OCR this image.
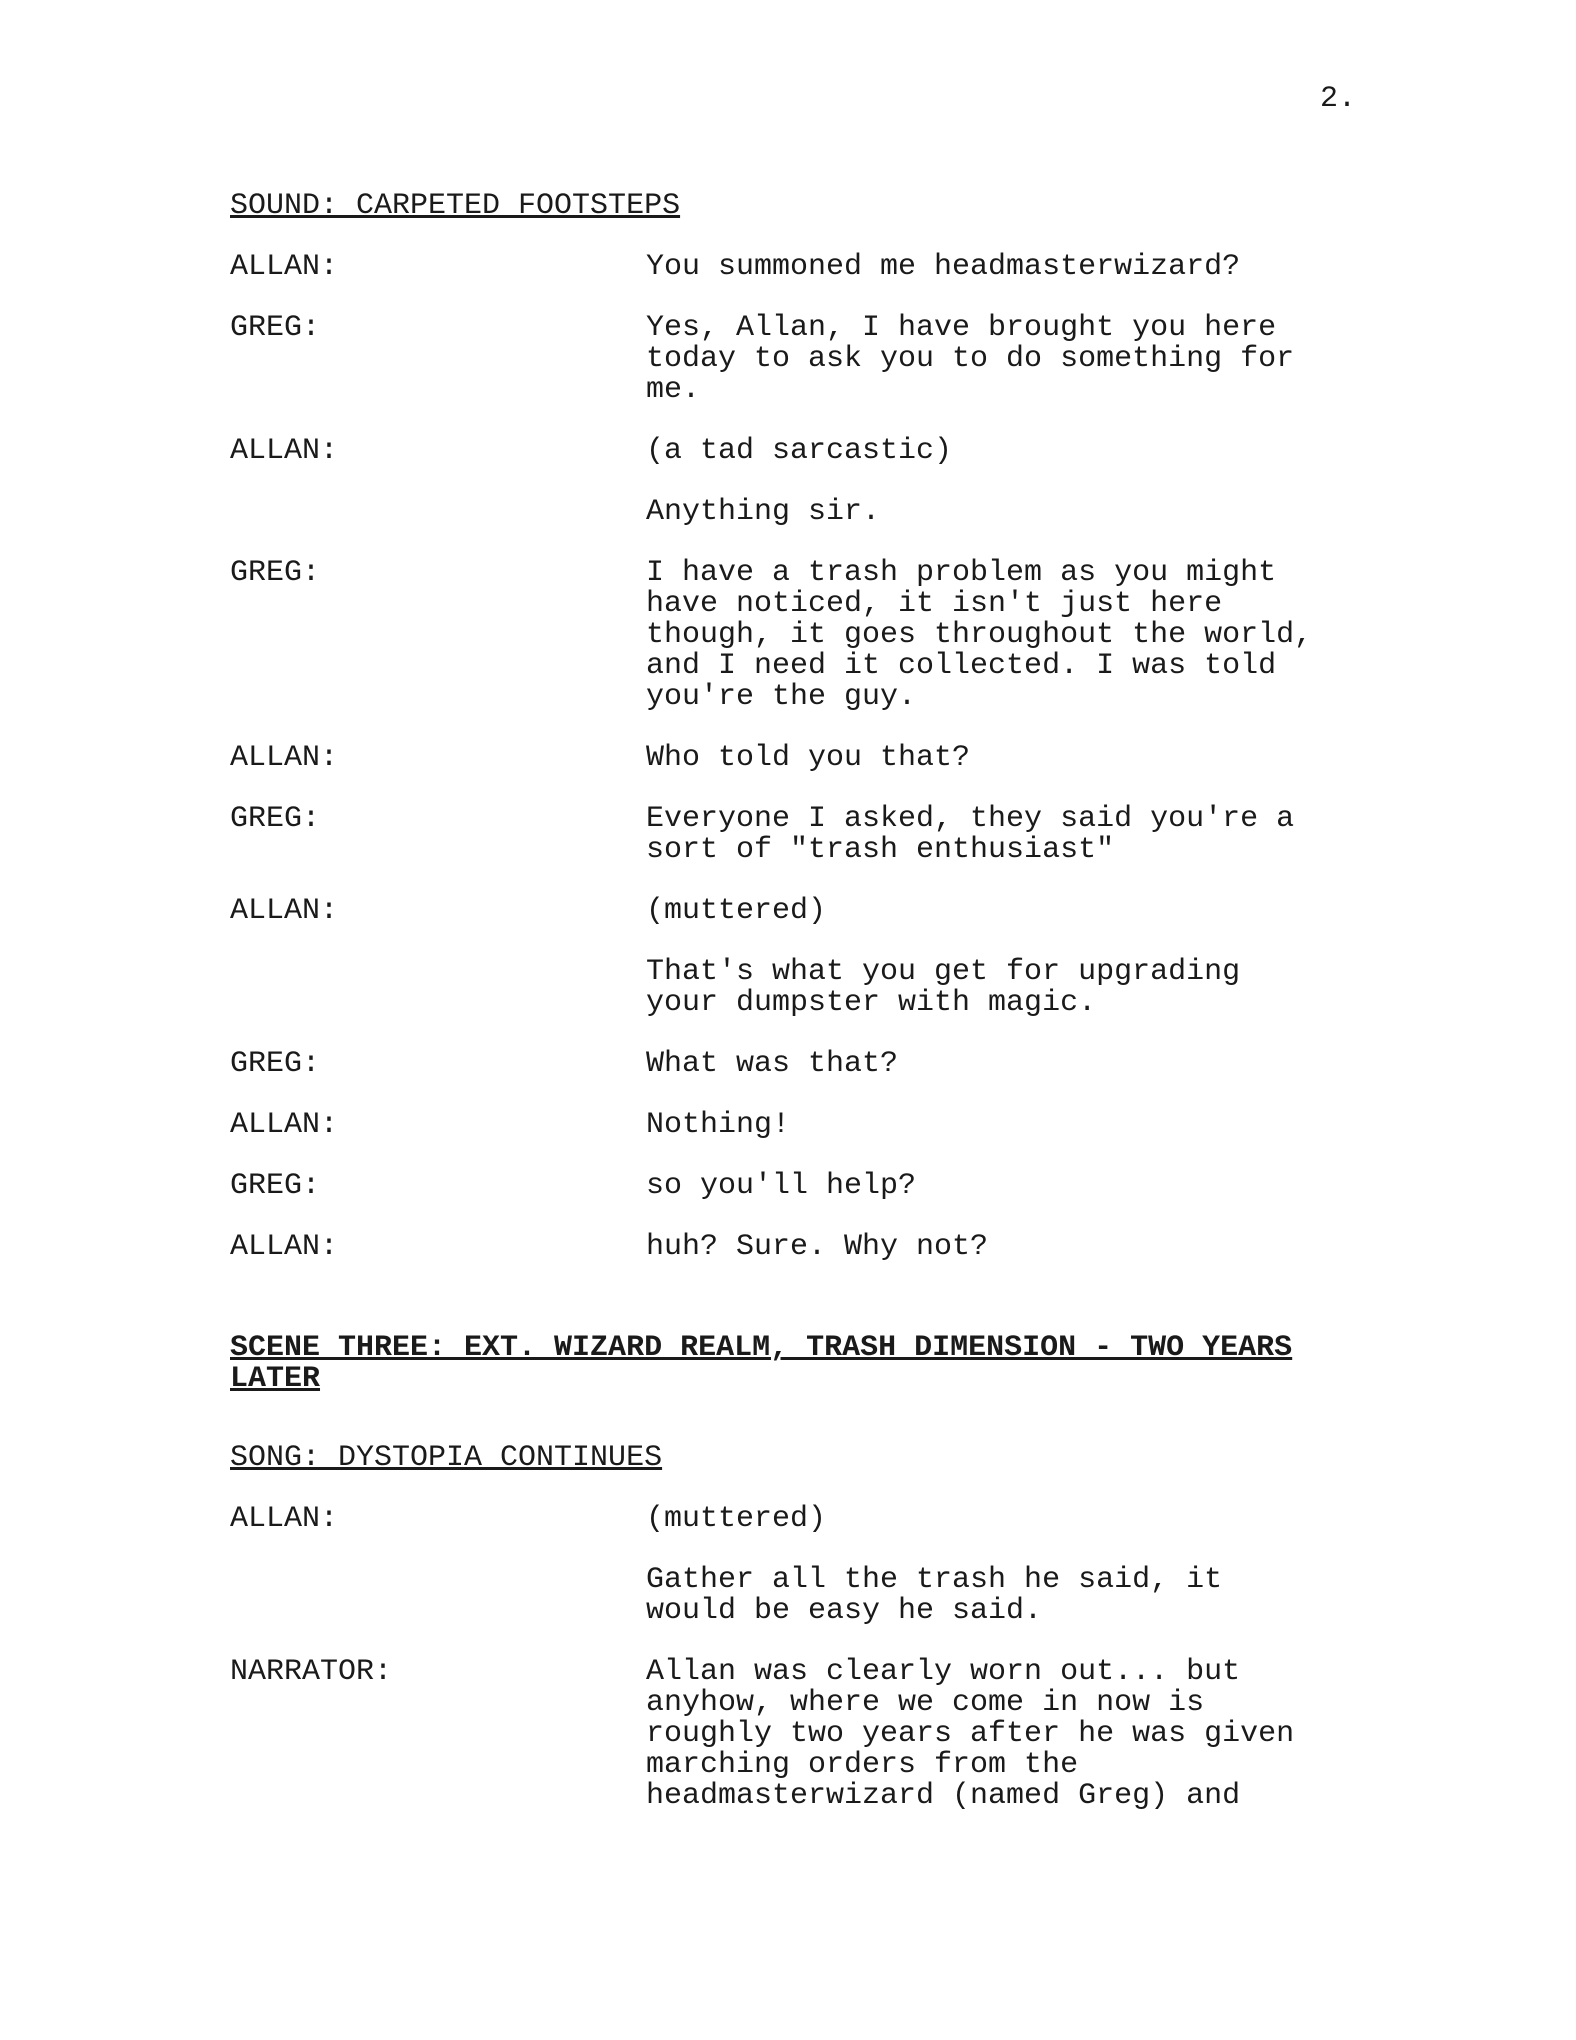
2.
SOUND: CARPETED FOOTSTEPS
ALLAN:	You summoned me headmasterwizard?
GREG:	Yes, Allan, I have brought you here
today to ask you to do something for
me.
ALLAN:	(a tad sarcastic)
Anything sir.
GREG:	I have a trash problem as you might
have noticed, it isn't just here
though, it goes throughout the world,
and I need it collected. I was told
you're the guy.
ALLAN:	Who told you that?
GREG:	Everyone I asked, they said you're a
sort of "trash enthusiast"
ALLAN:	(muttered)
That's what you get for upgrading
your dumpster with magic.
GREG:	What was that?
ALLAN:	Nothing!
GREG:	so you'll help?
ALLAN:	huh? Sure. Why not?
SCENE THREE: EXT. WIZARD REALM, TRASH DIMENSION - TWO YEARS LATER
SONG: DYSTOPIA CONTINUES
ALLAN:	(muttered)
Gather all the trash he said, it
would be easy he said.
NARRATOR:	Allan was clearly worn out... but
anyhow, where we come in now is
roughly two years after he was given
marching orders from the
headmasterwizard (named Greg) and
